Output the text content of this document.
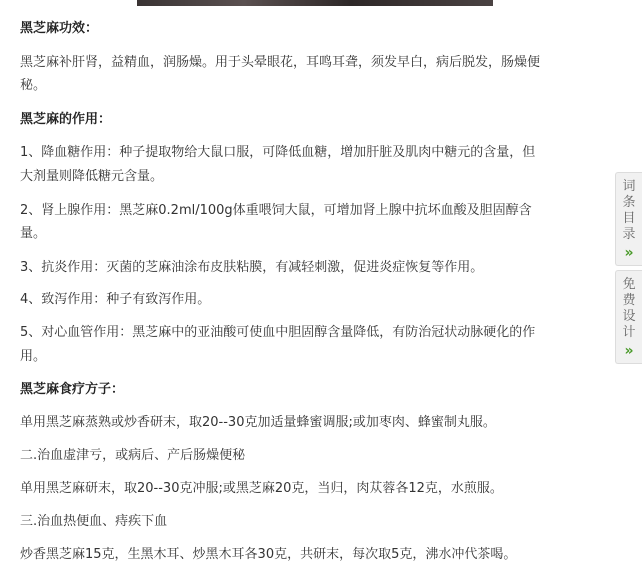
黑芝麻功效：
黑芝麻补肝肾，益精血，润肠燥。用于头晕眼花，耳鸣耳聋，须发早白，病后脱发，肠燥便
秘。
黑芝麻的作用：
1、降血糖作用：种子提取物给大鼠口服，可降低血糖，增加肝脏及肌肉中糖元的含量，但
大剂量则降低糖元含量。
2、肾上腺作用：黑芝麻0.2ml/100g体重喂饲大鼠，可增加肾上腺中抗坏血酸及胆固醇含
量。
3、抗炎作用：灭菌的芝麻油涂布皮肤粘膜，有减轻刺激，促进炎症恢复等作用。
4、致泻作用：种子有致泻作用。
5、对心血管作用：黑芝麻中的亚油酸可使血中胆固醇含量降低，有防治冠状动脉硬化的作
用。
黑芝麻食疗方子：
单用黑芝麻蒸熟或炒香研末，取20--30克加适量蜂蜜调服;或加枣肉、蜂蜜制丸服。
二.治血虚津亏，或病后、产后肠燥便秘
单用黑芝麻研末，取20--30克冲服;或黑芝麻20克，当归，肉苁蓉各12克，水煎服。
三.治血热便血、痔疾下血
炒香黑芝麻15克，生黑木耳、炒黑木耳各30克，共研末，每次取5克，沸水冲代茶喝。
词
条
目
录
»
免
费
设
计
»
